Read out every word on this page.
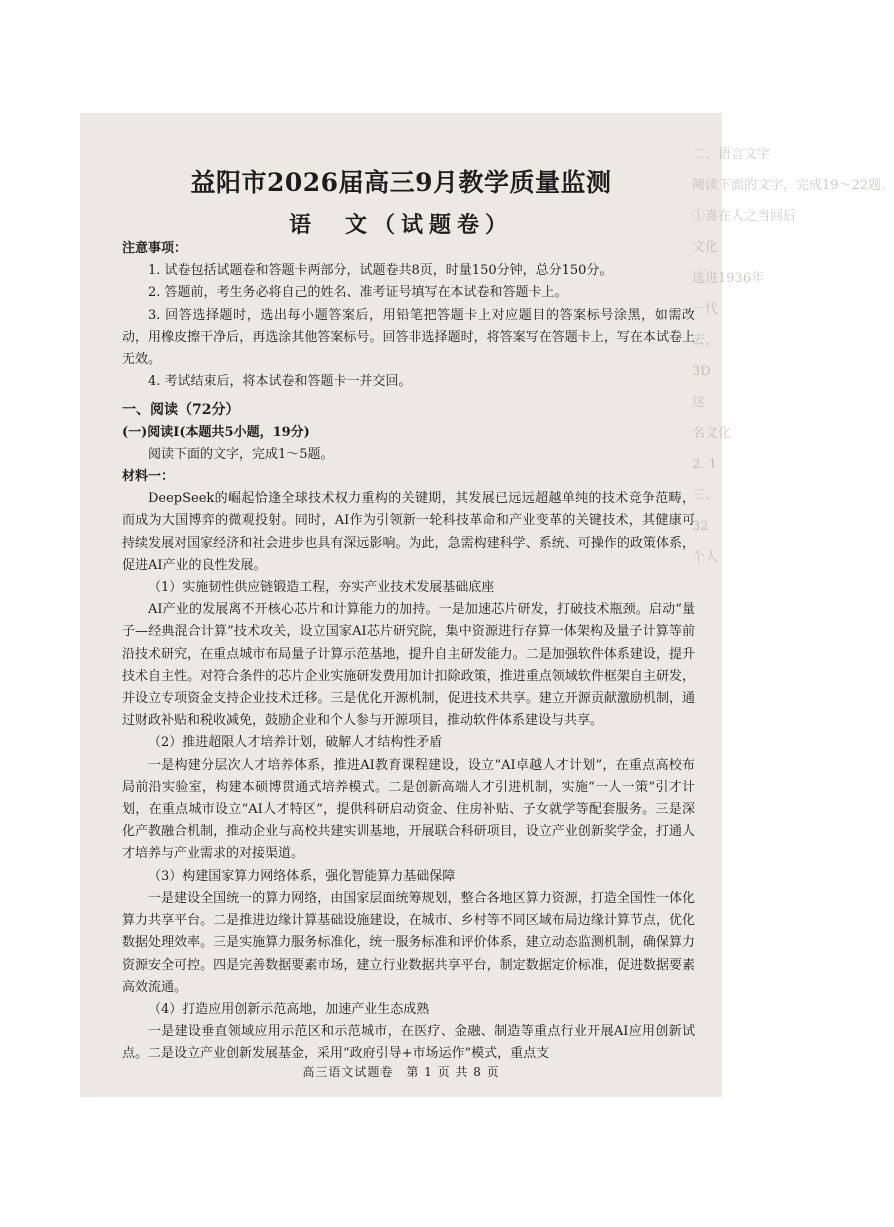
二、语言文字
阅读下面的文字，完成19～22题。
①喜在人之当回后
文化
选进1936年
一代
去，
3D
这
名文化
2. 1
三、
32
个人
益阳市2026届高三9月教学质量监测
语　文（试题卷）

注意事项：

1. 试卷包括试题卷和答题卡两部分，试题卷共8页，时量150分钟，总分150分。

2. 答题前，考生务必将自己的姓名、准考证号填写在本试卷和答题卡上。

3. 回答选择题时，选出每小题答案后，用铅笔把答题卡上对应题目的答案标号涂黑，如需改动，用橡皮擦干净后，再选涂其他答案标号。回答非选择题时，将答案写在答题卡上，写在本试卷上无效。

4. 考试结束后，将本试卷和答题卡一并交回。

一、阅读（72分）

(一)阅读Ⅰ(本题共5小题，19分)

阅读下面的文字，完成1～5题。

材料一：

DeepSeek的崛起恰逢全球技术权力重构的关键期，其发展已远远超越单纯的技术竞争范畴，而成为大国博弈的微观投射。同时，AI作为引领新一轮科技革命和产业变革的关键技术，其健康可持续发展对国家经济和社会进步也具有深远影响。为此，急需构建科学、系统、可操作的政策体系，促进AI产业的良性发展。

（1）实施韧性供应链锻造工程，夯实产业技术发展基础底座

AI产业的发展离不开核心芯片和计算能力的加持。一是加速芯片研发，打破技术瓶颈。启动“量子—经典混合计算”技术攻关，设立国家AI芯片研究院，集中资源进行存算一体架构及量子计算等前沿技术研究，在重点城市布局量子计算示范基地，提升自主研发能力。二是加强软件体系建设，提升技术自主性。对符合条件的芯片企业实施研发费用加计扣除政策，推进重点领域软件框架自主研发，并设立专项资金支持企业技术迁移。三是优化开源机制，促进技术共享。建立开源贡献激励机制，通过财政补贴和税收减免，鼓励企业和个人参与开源项目，推动软件体系建设与共享。

（2）推进超限人才培养计划，破解人才结构性矛盾

一是构建分层次人才培养体系，推进AI教育课程建设，设立“AI卓越人才计划”，在重点高校布局前沿实验室，构建本硕博贯通式培养模式。二是创新高端人才引进机制，实施“一人一策”引才计划，在重点城市设立“AI人才特区”，提供科研启动资金、住房补贴、子女就学等配套服务。三是深化产教融合机制，推动企业与高校共建实训基地，开展联合科研项目，设立产业创新奖学金，打通人才培养与产业需求的对接渠道。

（3）构建国家算力网络体系，强化智能算力基础保障

一是建设全国统一的算力网络，由国家层面统筹规划，整合各地区算力资源，打造全国性一体化算力共享平台。二是推进边缘计算基础设施建设，在城市、乡村等不同区域布局边缘计算节点，优化数据处理效率。三是实施算力服务标准化，统一服务标准和评价体系，建立动态监测机制，确保算力资源安全可控。四是完善数据要素市场，建立行业数据共享平台，制定数据定价标准，促进数据要素高效流通。

（4）打造应用创新示范高地，加速产业生态成熟

一是建设垂直领域应用示范区和示范城市，在医疗、金融、制造等重点行业开展AI应用创新试点。二是设立产业创新发展基金，采用“政府引导+市场运作”模式，重点支

高三语文试题卷　第 1 页 共 8 页
